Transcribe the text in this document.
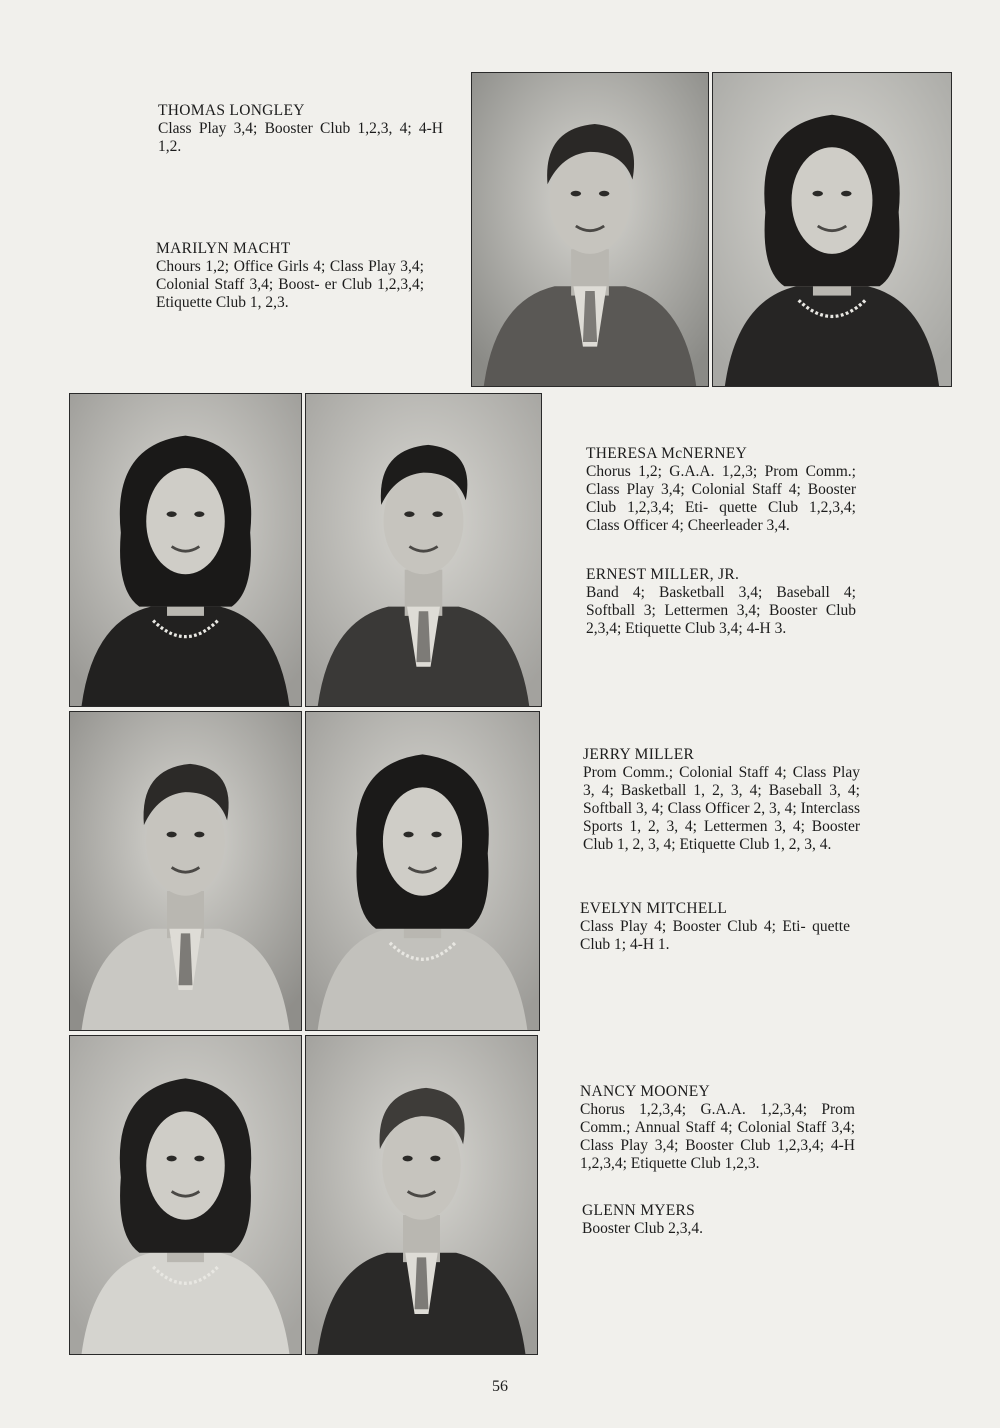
THOMAS LONGLEY
Class Play 3,4; Booster Club 1,2,3, 4; 4-H 1,2.
MARILYN MACHT
Chours 1,2; Office Girls 4; Class Play 3,4; Colonial Staff 3,4; Boost- er Club 1,2,3,4; Etiquette Club 1, 2,3.
THERESA McNERNEY
Chorus 1,2; G.A.A. 1,2,3; Prom Comm.; Class Play 3,4; Colonial Staff 4; Booster Club 1,2,3,4; Eti- quette Club 1,2,3,4; Class Officer 4; Cheerleader 3,4.
ERNEST MILLER, JR.
Band 4; Basketball 3,4; Baseball 4; Softball 3; Lettermen 3,4; Booster Club 2,3,4; Etiquette Club 3,4; 4-H 3.
JERRY MILLER
Prom Comm.; Colonial Staff 4; Class Play 3, 4; Basketball 1, 2, 3, 4; Baseball 3, 4; Softball 3, 4; Class Officer 2, 3, 4; Interclass Sports 1, 2, 3, 4; Lettermen 3, 4; Booster Club 1, 2, 3, 4; Etiquette Club 1, 2, 3, 4.
EVELYN MITCHELL
Class Play 4; Booster Club 4; Eti- quette Club 1; 4-H 1.
NANCY MOONEY
Chorus 1,2,3,4; G.A.A. 1,2,3,4; Prom Comm.; Annual Staff 4; Colonial Staff 3,4; Class Play 3,4; Booster Club 1,2,3,4; 4-H 1,2,3,4; Etiquette Club 1,2,3.
GLENN MYERS
Booster Club 2,3,4.
56
